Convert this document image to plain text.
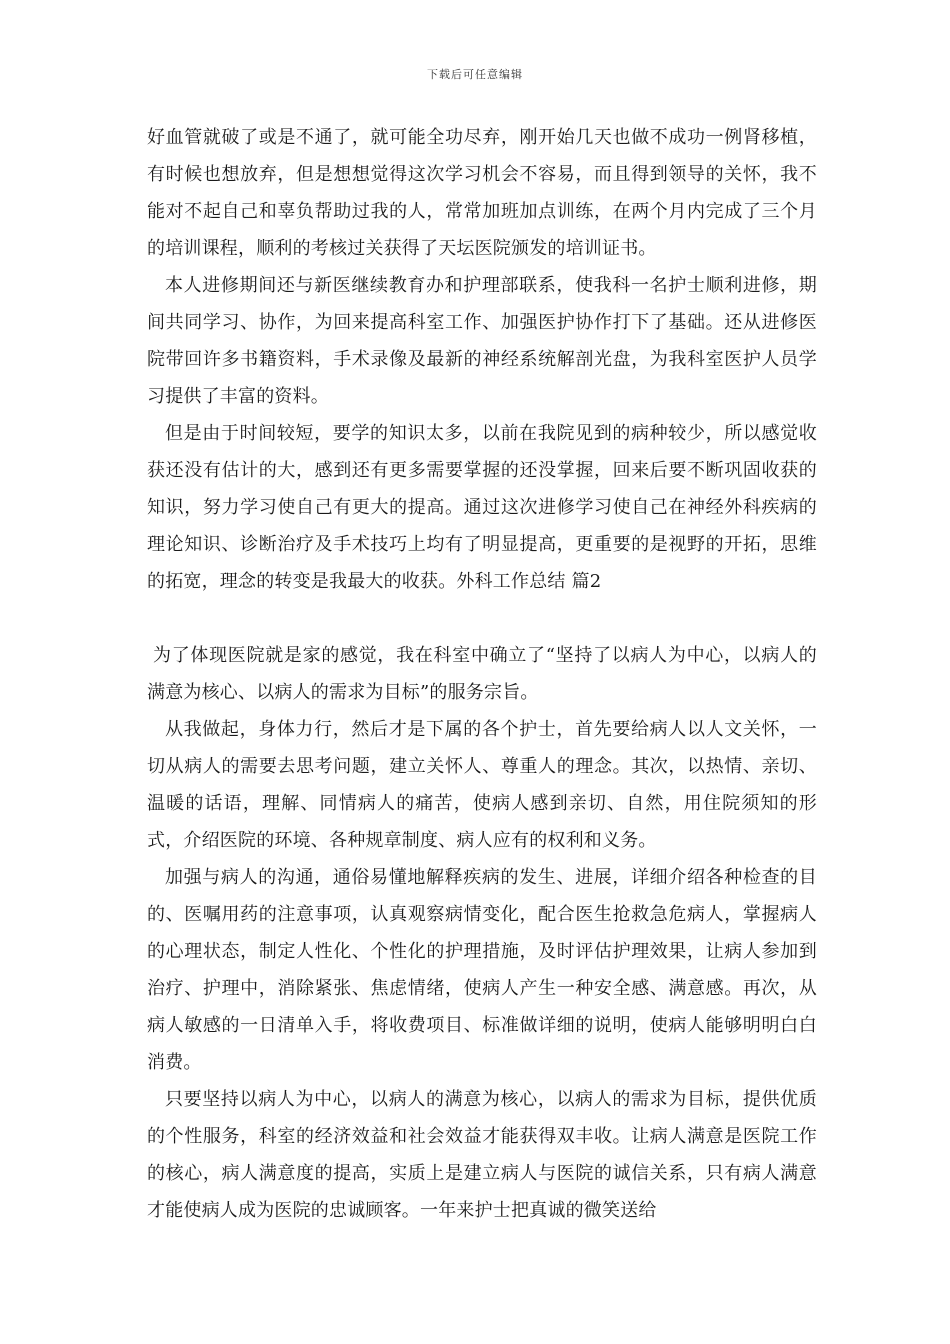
下载后可任意编辑

好血管就破了或是不通了，就可能全功尽弃，刚开始几天也做不成功一例肾移植，有时候也想放弃，但是想想觉得这次学习机会不容易，而且得到领导的关怀，我不能对不起自己和辜负帮助过我的人，常常加班加点训练，在两个月内完成了三个月的培训课程，顺利的考核过关获得了天坛医院颁发的培训证书。

本人进修期间还与新医继续教育办和护理部联系，使我科一名护士顺利进修，期间共同学习、协作，为回来提高科室工作、加强医护协作打下了基础。还从进修医院带回许多书籍资料，手术录像及最新的神经系统解剖光盘，为我科室医护人员学习提供了丰富的资料。

但是由于时间较短，要学的知识太多，以前在我院见到的病种较少，所以感觉收获还没有估计的大，感到还有更多需要掌握的还没掌握，回来后要不断巩固收获的知识，努力学习使自己有更大的提高。通过这次进修学习使自己在神经外科疾病的理论知识、诊断治疗及手术技巧上均有了明显提高，更重要的是视野的开拓，思维的拓宽，理念的转变是我最大的收获。外科工作总结 篇2

为了体现医院就是家的感觉，我在科室中确立了“坚持了以病人为中心，以病人的满意为核心、以病人的需求为目标”的服务宗旨。

从我做起，身体力行，然后才是下属的各个护士，首先要给病人以人文关怀，一切从病人的需要去思考问题，建立关怀人、尊重人的理念。其次，以热情、亲切、温暖的话语，理解、同情病人的痛苦，使病人感到亲切、自然，用住院须知的形式，介绍医院的环境、各种规章制度、病人应有的权利和义务。

加强与病人的沟通，通俗易懂地解释疾病的发生、进展，详细介绍各种检查的目的、医嘱用药的注意事项，认真观察病情变化，配合医生抢救急危病人，掌握病人的心理状态，制定人性化、个性化的护理措施，及时评估护理效果，让病人参加到治疗、护理中，消除紧张、焦虑情绪，使病人产生一种安全感、满意感。再次，从病人敏感的一日清单入手，将收费项目、标准做详细的说明，使病人能够明明白白消费。

只要坚持以病人为中心，以病人的满意为核心，以病人的需求为目标，提供优质的个性服务，科室的经济效益和社会效益才能获得双丰收。让病人满意是医院工作的核心，病人满意度的提高，实质上是建立病人与医院的诚信关系，只有病人满意才能使病人成为医院的忠诚顾客。一年来护士把真诚的微笑送给
